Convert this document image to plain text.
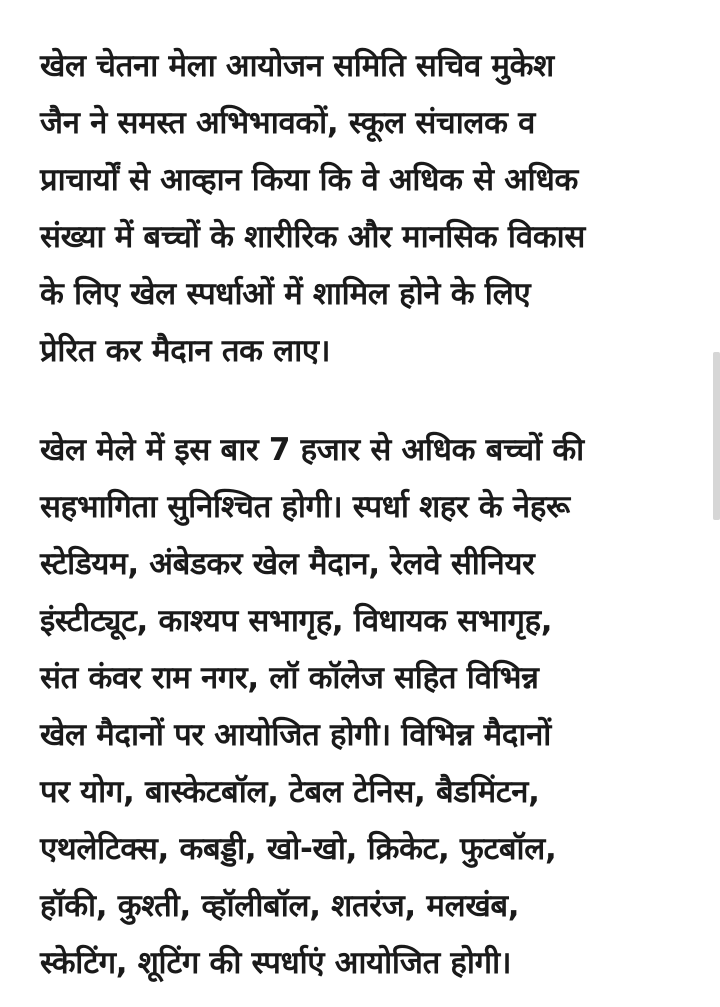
खेल चेतना मेला आयोजन समिति सचिव मुकेश
जैन ने समस्त अभिभावकों, स्कूल संचालक व
प्राचार्यों से आव्हान किया कि वे अधिक से अधिक
संख्या में बच्चों के शारीरिक और मानसिक विकास
के लिए खेल स्पर्धाओं में शामिल होने के लिए
प्रेरित कर मैदान तक लाए।

खेल मेले में इस बार 7 हजार से अधिक बच्चों की
सहभागिता सुनिश्चित होगी। स्पर्धा शहर के नेहरू
स्टेडियम, अंबेडकर खेल मैदान, रेलवे सीनियर
इंस्टीट्यूट, काश्यप सभागृह, विधायक सभागृह,
संत कंवर राम नगर, लॉ कॉलेज सहित विभिन्न
खेल मैदानों पर आयोजित होगी। विभिन्न मैदानों
पर योग, बास्केटबॉल, टेबल टेनिस, बैडमिंटन,
एथलेटिक्स, कबड्डी, खो-खो, क्रिकेट, फुटबॉल,
हॉकी, कुश्ती, व्हॉलीबॉल, शतरंज, मलखंब,
स्केटिंग, शूटिंग की स्पर्धाएं आयोजित होगी।
